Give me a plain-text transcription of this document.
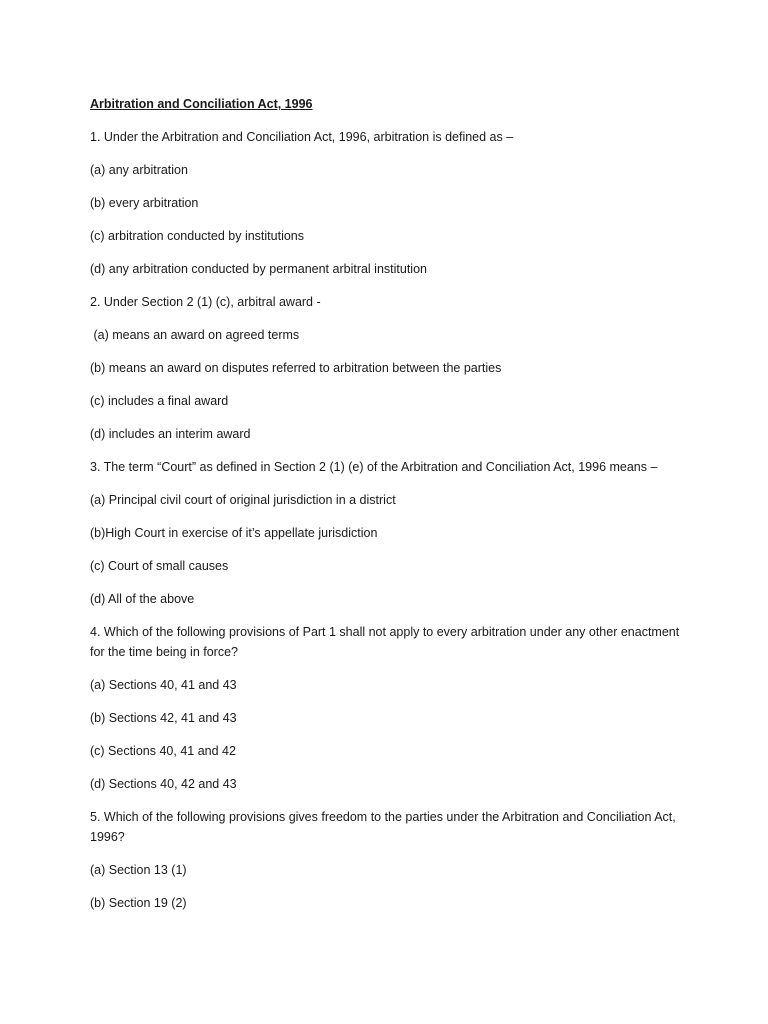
Arbitration and Conciliation Act, 1996

1. Under the Arbitration and Conciliation Act, 1996, arbitration is defined as –

(a) any arbitration

(b) every arbitration

(c) arbitration conducted by institutions

(d) any arbitration conducted by permanent arbitral institution

2. Under Section 2 (1) (c), arbitral award -

(a) means an award on agreed terms

(b) means an award on disputes referred to arbitration between the parties

(c) includes a final award

(d) includes an interim award

3. The term “Court” as defined in Section 2 (1) (e) of the Arbitration and Conciliation Act, 1996 means –

(a) Principal civil court of original jurisdiction in a district

(b)High Court in exercise of it’s appellate jurisdiction

(c) Court of small causes

(d) All of the above

4. Which of the following provisions of Part 1 shall not apply to every arbitration under any other enactment for the time being in force?

(a) Sections 40, 41 and 43

(b) Sections 42, 41 and 43

(c) Sections 40, 41 and 42

(d) Sections 40, 42 and 43

5. Which of the following provisions gives freedom to the parties under the Arbitration and Conciliation Act, 1996?

(a) Section 13 (1)

(b) Section 19 (2)
